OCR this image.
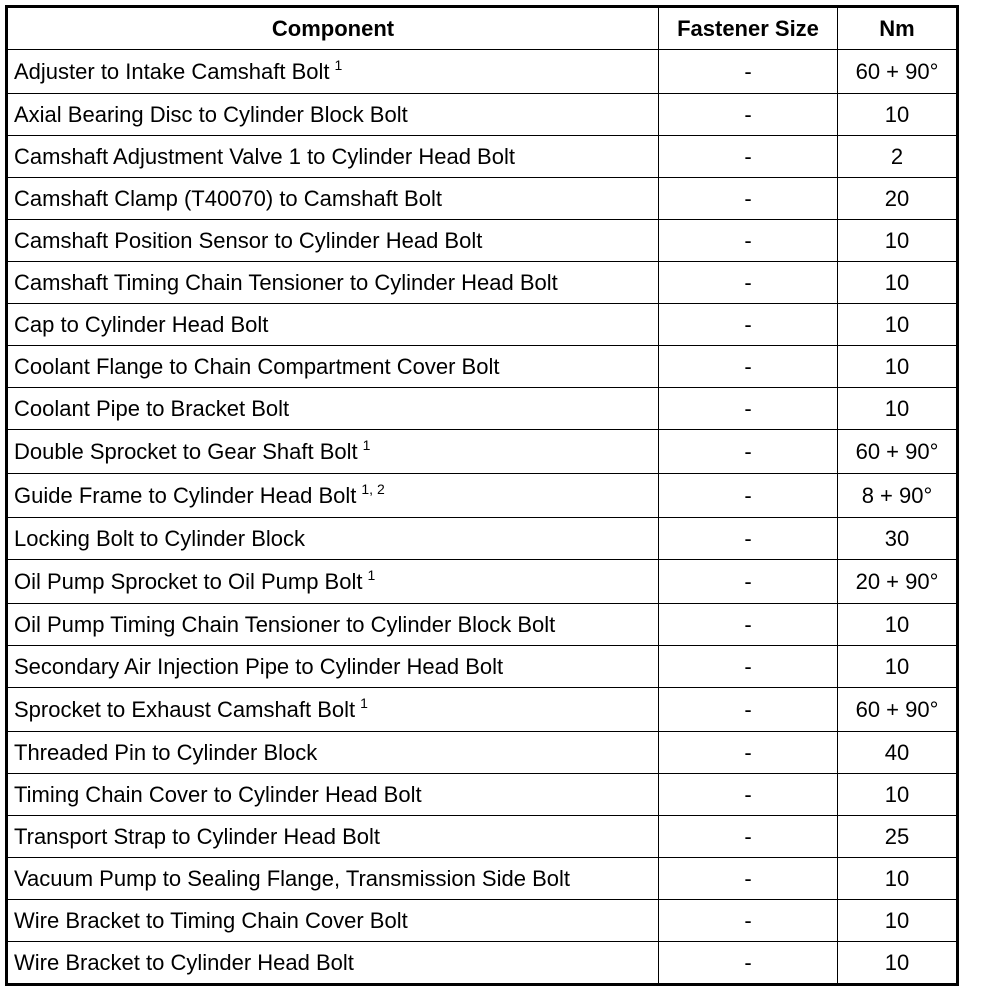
Component	Fastener Size	Nm
Adjuster to Intake Camshaft Bolt $^1$	-	60 + 90°
Axial Bearing Disc to Cylinder Block Bolt	-	10
Camshaft Adjustment Valve 1 to Cylinder Head Bolt	-	2
Camshaft Clamp (T40070) to Camshaft Bolt	-	20
Camshaft Position Sensor to Cylinder Head Bolt	-	10
Camshaft Timing Chain Tensioner to Cylinder Head Bolt	-	10
Cap to Cylinder Head Bolt	-	10
Coolant Flange to Chain Compartment Cover Bolt	-	10
Coolant Pipe to Bracket Bolt	-	10
Double Sprocket to Gear Shaft Bolt $^1$	-	60 + 90°
Guide Frame to Cylinder Head Bolt $^{1, 2}$	-	8 + 90°
Locking Bolt to Cylinder Block	-	30
Oil Pump Sprocket to Oil Pump Bolt $^1$	-	20 + 90°
Oil Pump Timing Chain Tensioner to Cylinder Block Bolt	-	10
Secondary Air Injection Pipe to Cylinder Head Bolt	-	10
Sprocket to Exhaust Camshaft Bolt $^1$	-	60 + 90°
Threaded Pin to Cylinder Block	-	40
Timing Chain Cover to Cylinder Head Bolt	-	10
Transport Strap to Cylinder Head Bolt	-	25
Vacuum Pump to Sealing Flange, Transmission Side Bolt	-	10
Wire Bracket to Timing Chain Cover Bolt	-	10
Wire Bracket to Cylinder Head Bolt	-	10
